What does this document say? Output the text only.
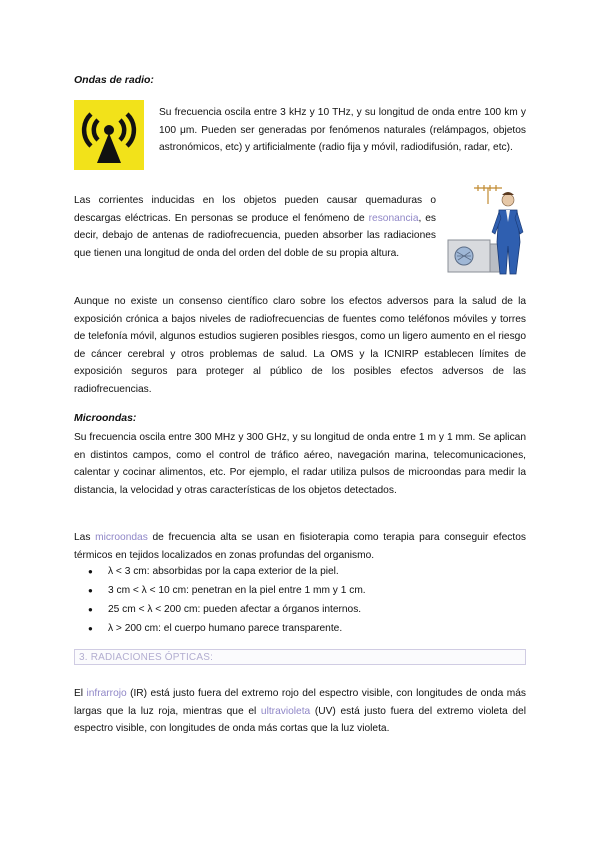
Ondas de radio:

Su frecuencia oscila entre 3 kHz y 10 THz, y su longitud de onda entre 100 km y 100 μm. Pueden ser generadas por fenómenos naturales (relámpagos, objetos astronómicos, etc) y artificialmente (radio fija y móvil, radiodifusión, radar, etc).

Las corrientes inducidas en los objetos pueden causar quemaduras o descargas eléctricas. En personas se produce el fenómeno de resonancia, es decir, debajo de antenas de radiofrecuencia, pueden absorber las radiaciones que tienen una longitud de onda del orden del doble de su propia altura.

Aunque no existe un consenso científico claro sobre los efectos adversos para la salud de la exposición crónica a bajos niveles de radiofrecuencias de fuentes como teléfonos móviles y torres de telefonía móvil, algunos estudios sugieren posibles riesgos, como un ligero aumento en el riesgo de cáncer cerebral y otros problemas de salud. La OMS y la ICNIRP establecen límites de exposición seguros para proteger al público de los posibles efectos adversos de las radiofrecuencias.

Microondas:

Su frecuencia oscila entre 300 MHz y 300 GHz, y su longitud de onda entre 1 m y 1 mm. Se aplican en distintos campos, como el control de tráfico aéreo, navegación marina, telecomunicaciones, calentar y cocinar alimentos, etc. Por ejemplo, el radar utiliza pulsos de microondas para medir la distancia, la velocidad y otras características de los objetos detectados.

Las microondas de frecuencia alta se usan en fisioterapia como terapia para conseguir efectos térmicos en tejidos localizados en zonas profundas del organismo.

● λ < 3 cm: absorbidas por la capa exterior de la piel.
● 3 cm < λ < 10 cm: penetran en la piel entre 1 mm y 1 cm.
● 25 cm < λ < 200 cm: pueden afectar a órganos internos.
● λ > 200 cm: el cuerpo humano parece transparente.
3. RADIACIONES ÓPTICAS:

El infrarrojo (IR) está justo fuera del extremo rojo del espectro visible, con longitudes de onda más largas que la luz roja, mientras que el ultravioleta (UV) está justo fuera del extremo violeta del espectro visible, con longitudes de onda más cortas que la luz violeta.
